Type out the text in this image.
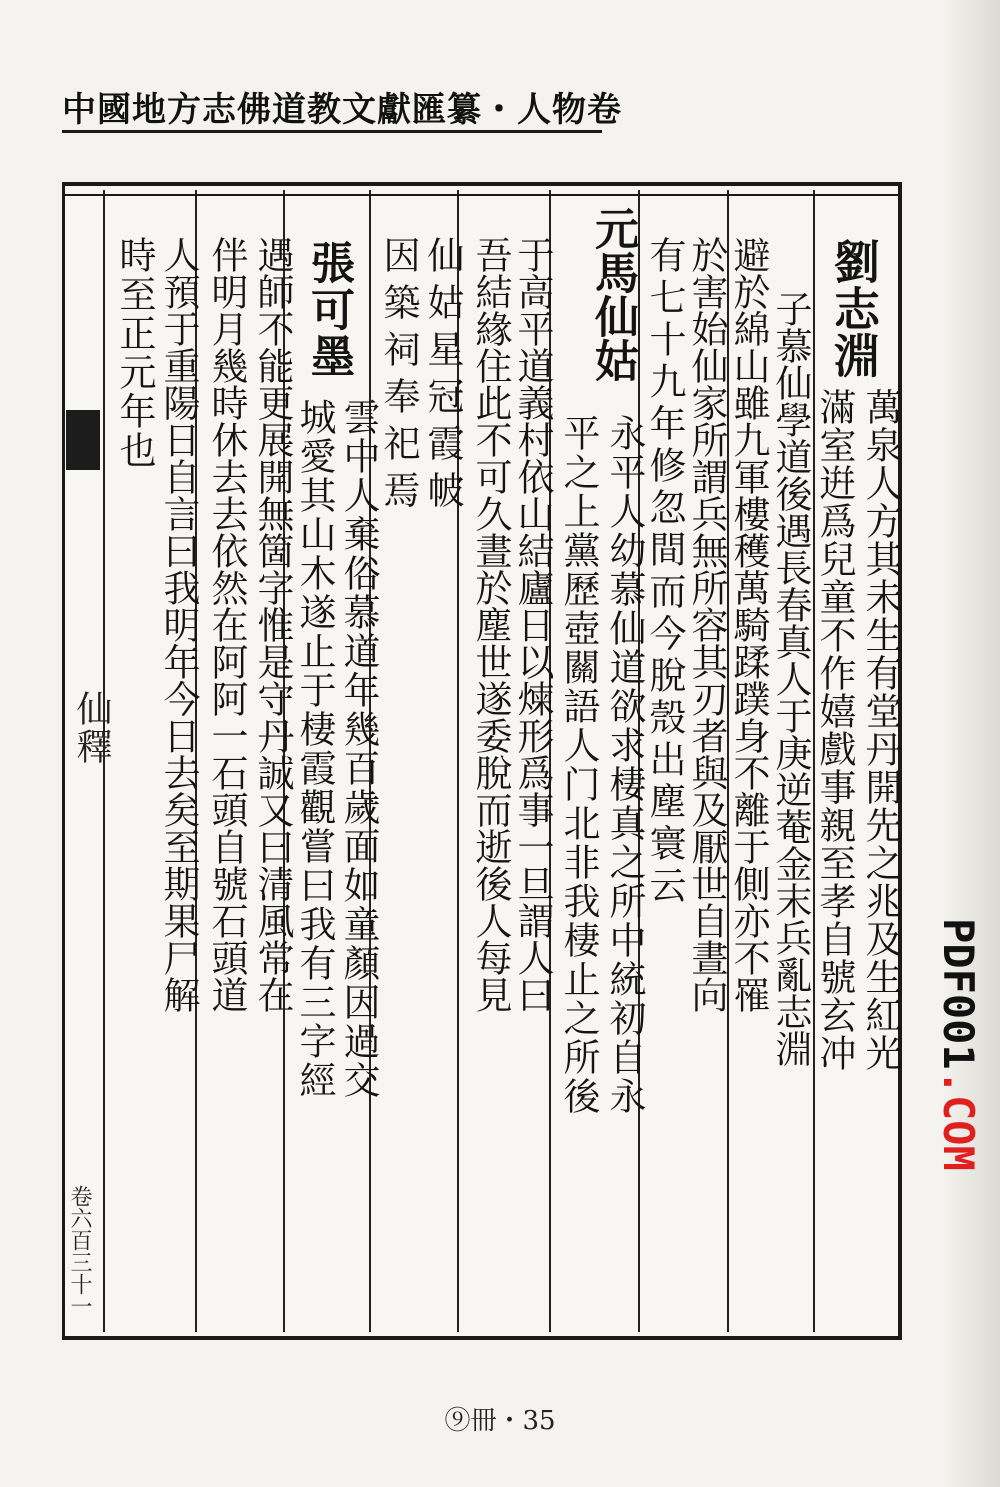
中國地方志佛道教文獻匯纂・人物卷
劉志淵
萬泉人方其未生有堂丹開先之兆及生紅光
滿室逬爲兒童不作嬉戲事親至孝自號玄冲
子慕仙學道後遇長春真人于庚逆菴金末兵亂志淵
避於綿山雖九軍樓穫萬騎蹂蹼身不離于側亦不罹
於害始仙家所謂兵無所容其刃者與及厭世自晝向
有七十九年修忽間而今脫殼出塵寰云
元馬仙姑
平之上黨歷壺關語人门北非我棲止之所後 永平人幼慕仙道欲求棲真之所中統初自永
于高平道義村依山結廬日以煉形爲事一旦謂人曰
吾結緣住此不可久晝於塵世遂委脫而逝後人每見
仙姑星冠霞帔
因築祠奉祀焉
張可墨
雲中人棄俗慕道年幾百歲面如童顏因過交
城愛其山木遂止于棲霞觀嘗曰我有三字經
遇師不能更展開無箇字惟是守丹誠又曰清風常在
伴明月幾時休去去依然在阿阿一石頭自號石頭道
人預于重陽日自言曰我明年今日去矣至期果尸解
時至正元年也
仙釋
卷六百三十一
⑨冊・35
PDF001.COM
